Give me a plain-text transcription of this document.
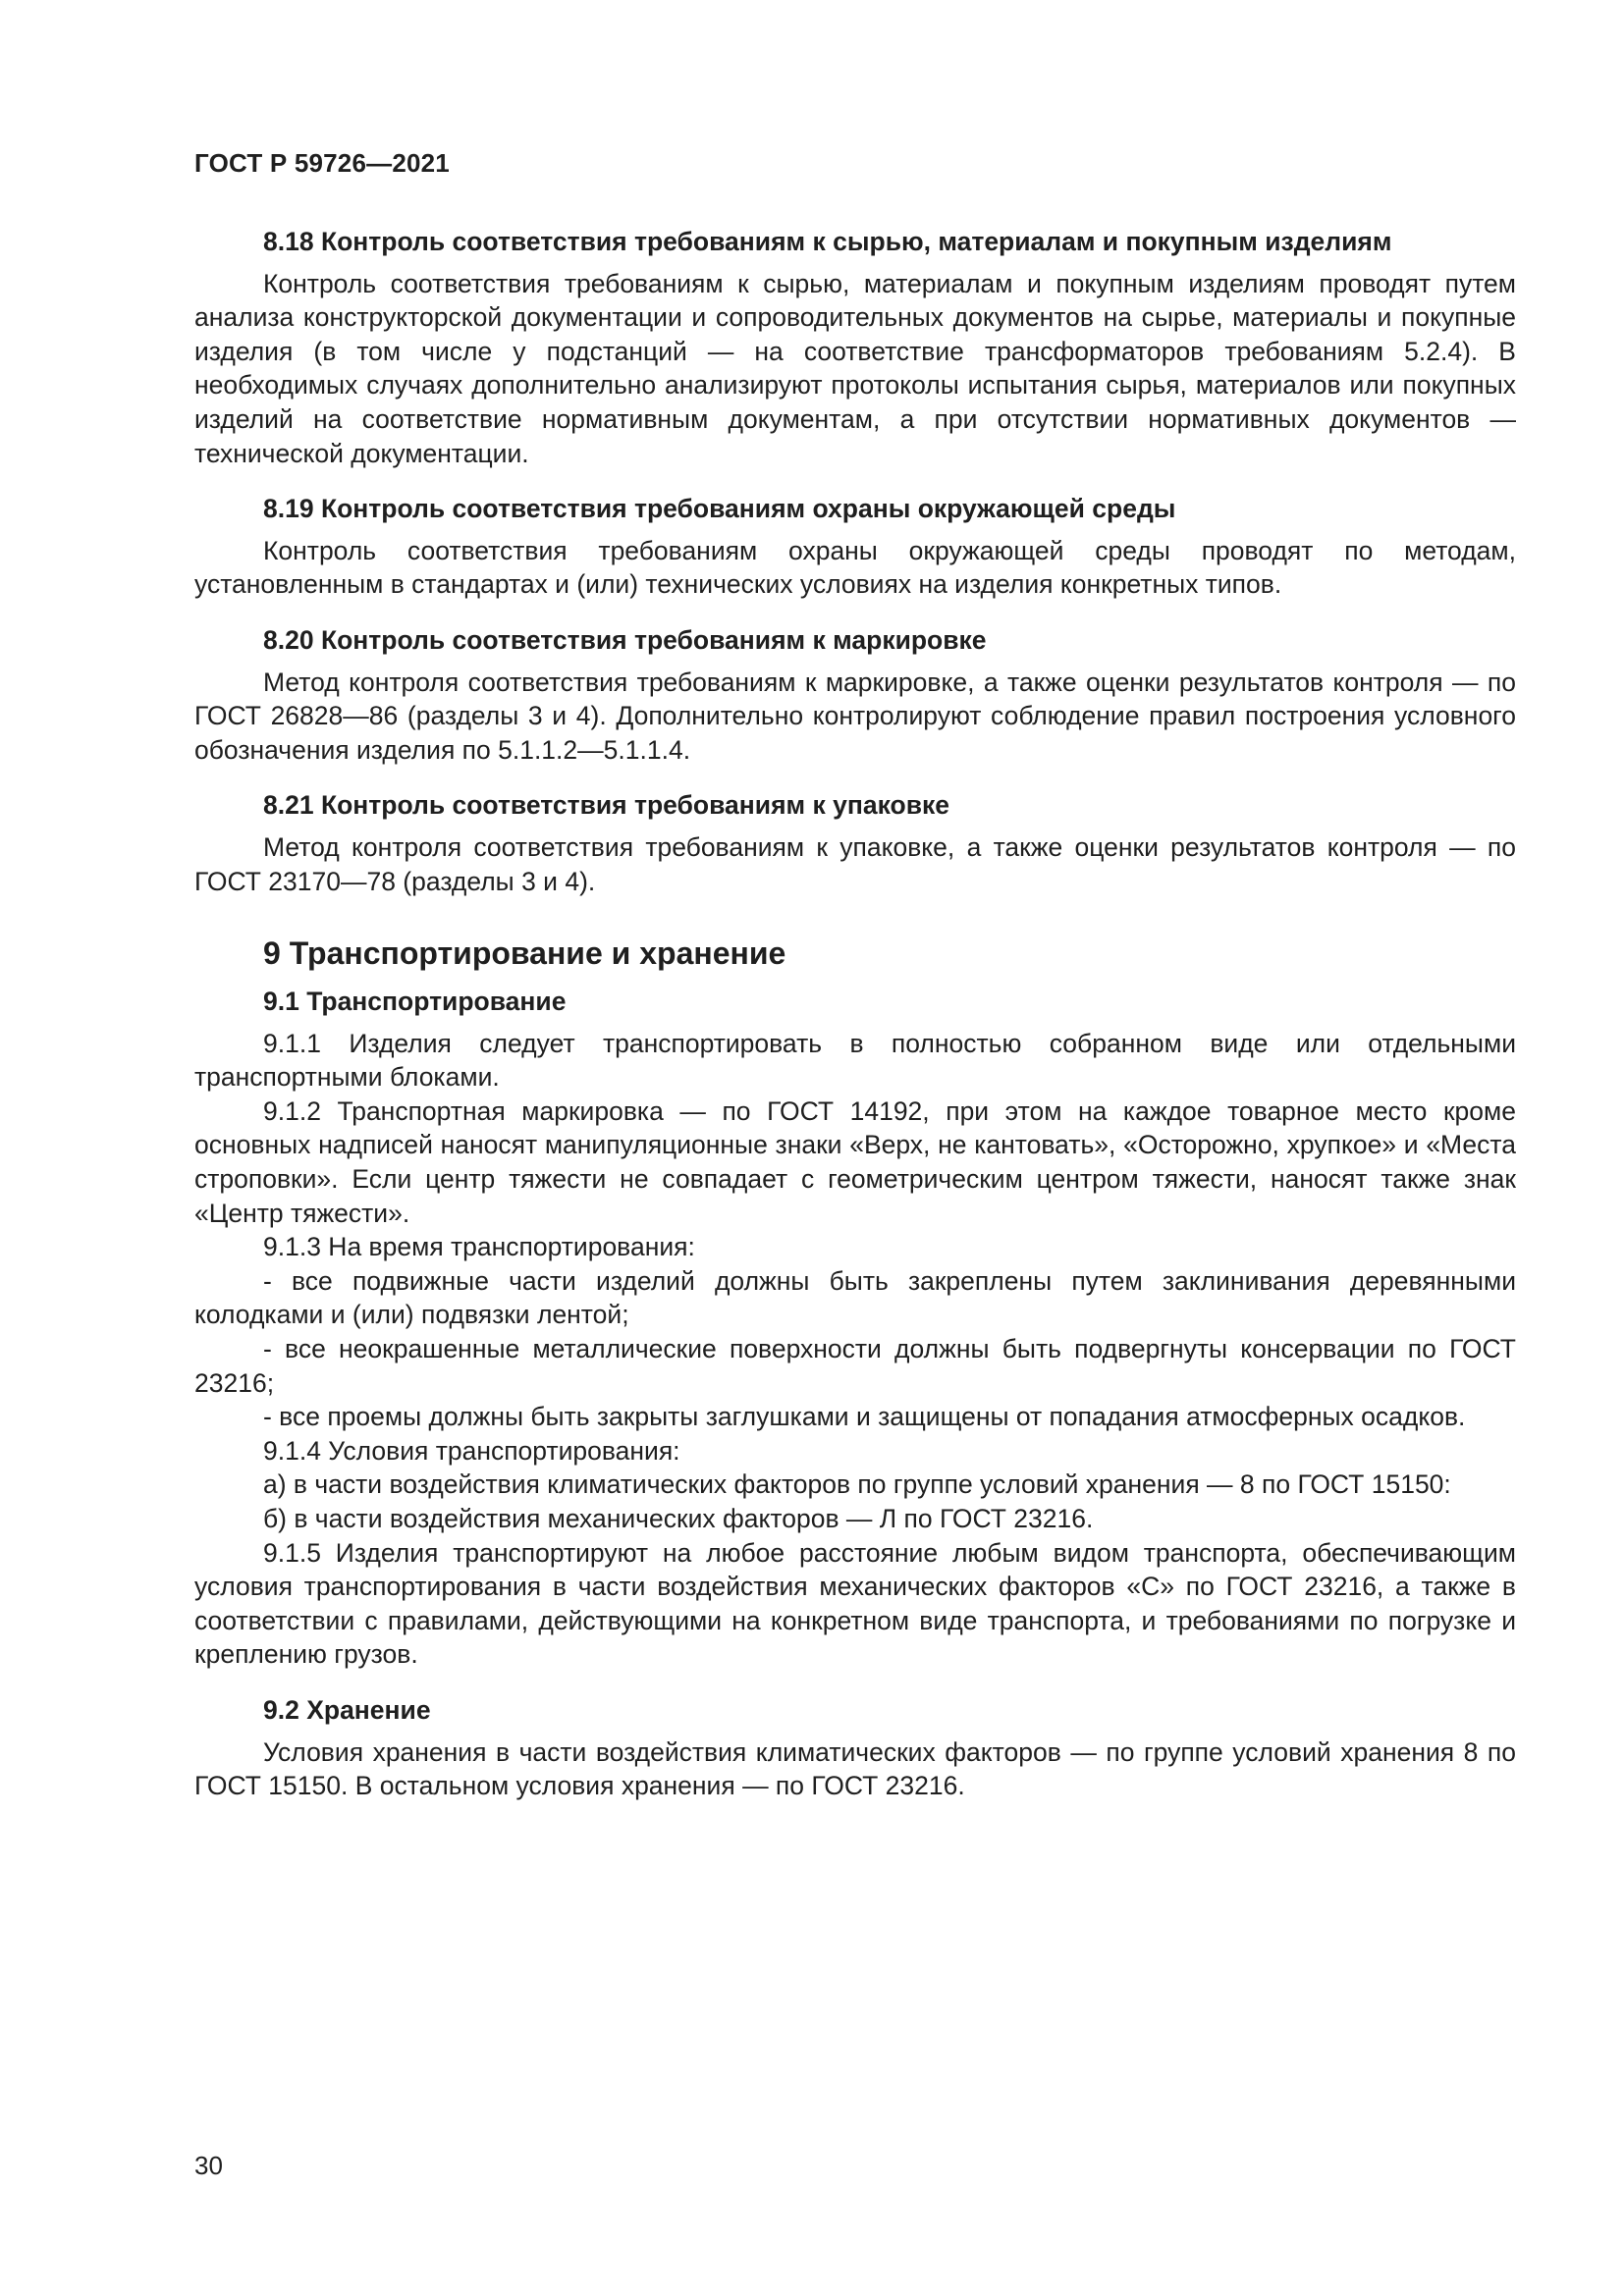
ГОСТ Р 59726—2021
8.18 Контроль соответствия требованиям к сырью, материалам и покупным изделиям

Контроль соответствия требованиям к сырью, материалам и покупным изделиям проводят путем анализа конструкторской документации и сопроводительных документов на сырье, материалы и покупные изделия (в том числе у подстанций — на соответствие трансформаторов требованиям 5.2.4). В необходимых случаях дополнительно анализируют протоколы испытания сырья, материалов или покупных изделий на соответствие нормативным документам, а при отсутствии нормативных документов — технической документации.

8.19 Контроль соответствия требованиям охраны окружающей среды

Контроль соответствия требованиям охраны окружающей среды проводят по методам, установленным в стандартах и (или) технических условиях на изделия конкретных типов.

8.20 Контроль соответствия требованиям к маркировке

Метод контроля соответствия требованиям к маркировке, а также оценки результатов контроля — по ГОСТ 26828—86 (разделы 3 и 4). Дополнительно контролируют соблюдение правил построения условного обозначения изделия по 5.1.1.2—5.1.1.4.

8.21 Контроль соответствия требованиям к упаковке

Метод контроля соответствия требованиям к упаковке, а также оценки результатов контроля — по ГОСТ 23170—78 (разделы 3 и 4).

9 Транспортирование и хранение
9.1 Транспортирование

9.1.1 Изделия следует транспортировать в полностью собранном виде или отдельными транспортными блоками.

9.1.2 Транспортная маркировка — по ГОСТ 14192, при этом на каждое товарное место кроме основных надписей наносят манипуляционные знаки «Верх, не кантовать», «Осторожно, хрупкое» и «Места строповки». Если центр тяжести не совпадает с геометрическим центром тяжести, наносят также знак «Центр тяжести».

9.1.3 На время транспортирования:

- все подвижные части изделий должны быть закреплены путем заклинивания деревянными колодками и (или) подвязки лентой;

- все неокрашенные металлические поверхности должны быть подвергнуты консервации по ГОСТ 23216;

- все проемы должны быть закрыты заглушками и защищены от попадания атмосферных осадков.

9.1.4 Условия транспортирования:

а) в части воздействия климатических факторов по группе условий хранения — 8 по ГОСТ 15150:

б) в части воздействия механических факторов — Л по ГОСТ 23216.

9.1.5 Изделия транспортируют на любое расстояние любым видом транспорта, обеспечивающим условия транспортирования в части воздействия механических факторов «С» по ГОСТ 23216, а также в соответствии с правилами, действующими на конкретном виде транспорта, и требованиями по погрузке и креплению грузов.

9.2 Хранение

Условия хранения в части воздействия климатических факторов — по группе условий хранения 8 по ГОСТ 15150. В остальном условия хранения — по ГОСТ 23216.

30
